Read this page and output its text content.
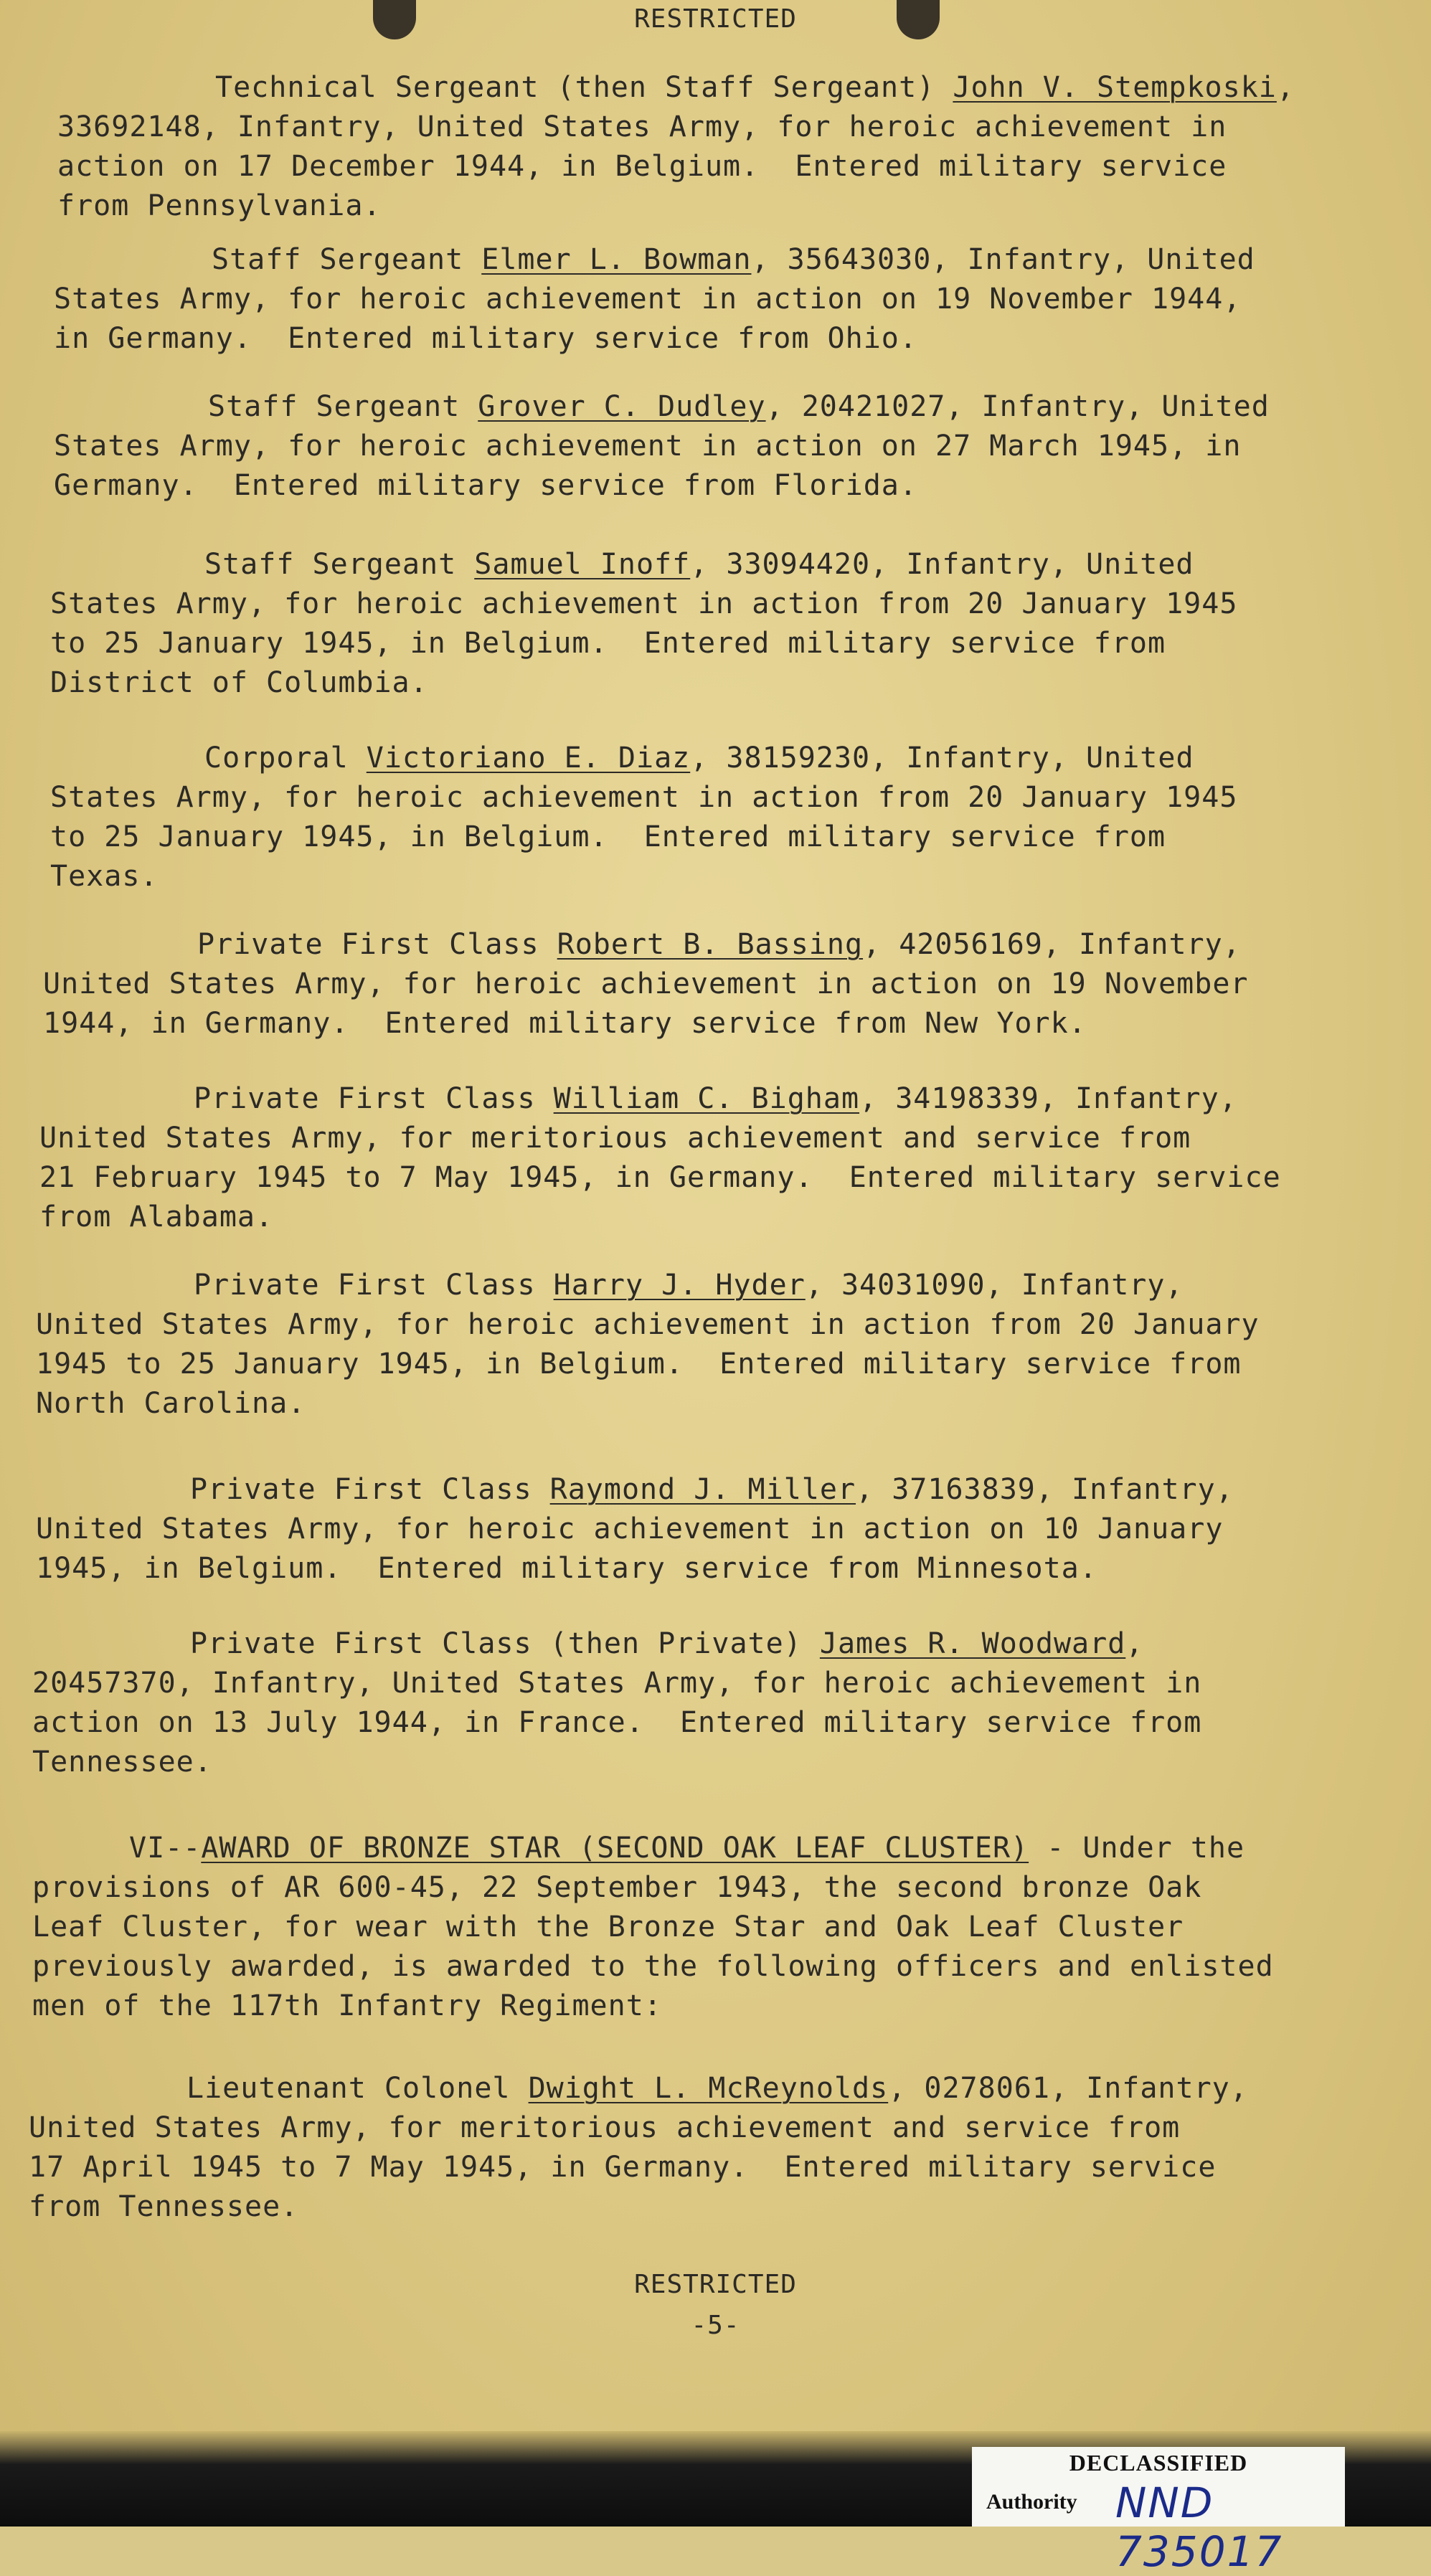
RESTRICTED
Technical Sergeant (then Staff Sergeant) John V. Stempkoski,
33692148, Infantry, United States Army, for heroic achievement in
action on 17 December 1944, in Belgium.  Entered military service
from Pennsylvania.
Staff Sergeant Elmer L. Bowman, 35643030, Infantry, United
States Army, for heroic achievement in action on 19 November 1944,
in Germany.  Entered military service from Ohio.
Staff Sergeant Grover C. Dudley, 20421027, Infantry, United
States Army, for heroic achievement in action on 27 March 1945, in
Germany.  Entered military service from Florida.
Staff Sergeant Samuel Inoff, 33094420, Infantry, United
States Army, for heroic achievement in action from 20 January 1945
to 25 January 1945, in Belgium.  Entered military service from
District of Columbia.
Corporal Victoriano E. Diaz, 38159230, Infantry, United
States Army, for heroic achievement in action from 20 January 1945
to 25 January 1945, in Belgium.  Entered military service from
Texas.
Private First Class Robert B. Bassing, 42056169, Infantry,
United States Army, for heroic achievement in action on 19 November
1944, in Germany.  Entered military service from New York.
Private First Class William C. Bigham, 34198339, Infantry,
United States Army, for meritorious achievement and service from
21 February 1945 to 7 May 1945, in Germany.  Entered military service
from Alabama.
Private First Class Harry J. Hyder, 34031090, Infantry,
United States Army, for heroic achievement in action from 20 January
1945 to 25 January 1945, in Belgium.  Entered military service from
North Carolina.
Private First Class Raymond J. Miller, 37163839, Infantry,
United States Army, for heroic achievement in action on 10 January
1945, in Belgium.  Entered military service from Minnesota.
Private First Class (then Private) James R. Woodward,
20457370, Infantry, United States Army, for heroic achievement in
action on 13 July 1944, in France.  Entered military service from
Tennessee.
VI--AWARD OF BRONZE STAR (SECOND OAK LEAF CLUSTER) - Under the
provisions of AR 600-45, 22 September 1943, the second bronze Oak
Leaf Cluster, for wear with the Bronze Star and Oak Leaf Cluster
previously awarded, is awarded to the following officers and enlisted
men of the 117th Infantry Regiment:
Lieutenant Colonel Dwight L. McReynolds, 0278061, Infantry,
United States Army, for meritorious achievement and service from
17 April 1945 to 7 May 1945, in Germany.  Entered military service
from Tennessee.
RESTRICTED
-5-
DECLASSIFIED
Authority NND 735017
